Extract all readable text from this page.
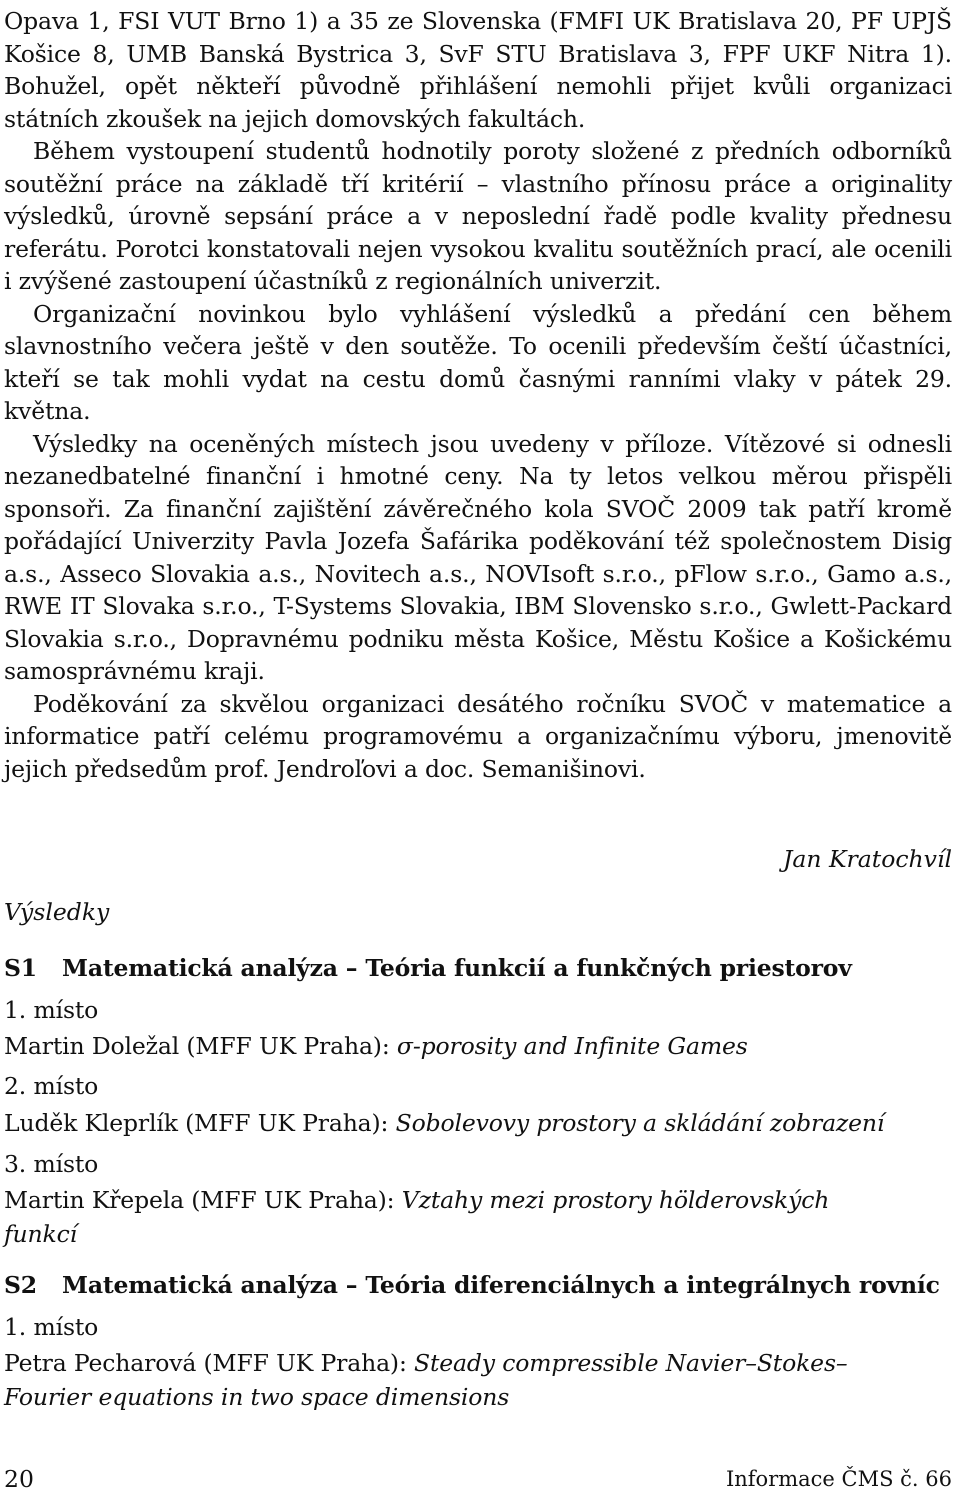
Opava 1, FSI VUT Brno 1) a 35 ze Slovenska (FMFI UK Bratislava 20, PF UPJŠ Košice 8, UMB Banská Bystrica 3, SvF STU Bratislava 3, FPF UKF Nitra 1). Bohužel, opět někteří původně přihlášení nemohli přijet kvůli organizaci státních zkoušek na jejich domovských fakultách.

Během vystoupení studentů hodnotily poroty složené z předních odborníků soutěžní práce na základě tří kritérií – vlastního přínosu práce a originality výsledků, úrovně sepsání práce a v neposlední řadě podle kvality přednesu referátu. Porotci konstatovali nejen vysokou kvalitu soutěžních prací, ale ocenili i zvýšené zastoupení účastníků z regionálních univerzit.

Organizační novinkou bylo vyhlášení výsledků a předání cen během slavnostního večera ještě v den soutěže. To ocenili především čeští účastníci, kteří se tak mohli vydat na cestu domů časnými ranními vlaky v pátek 29. května.

Výsledky na oceněných místech jsou uvedeny v příloze. Vítězové si odnesli nezanedbatelné finanční i hmotné ceny. Na ty letos velkou měrou přispěli sponsoři. Za finanční zajištění závěrečného kola SVOČ 2009 tak patří kromě pořádající Univerzity Pavla Jozefa Šafárika poděkování též společnostem Disig a.s., Asseco Slovakia a.s., Novitech a.s., NOVIsoft s.r.o., pFlow s.r.o., Gamo a.s., RWE IT Slovaka s.r.o., T-Systems Slovakia, IBM Slovensko s.r.o., Gwlett-Packard Slovakia s.r.o., Dopravnému podniku města Košice, Městu Košice a Košickému samosprávnému kraji.

Poděkování za skvělou organizaci desátého ročníku SVOČ v matematice a informatice patří celému programovému a organizačnímu výboru, jmenovitě jejich předsedům prof. Jendroľovi a doc. Semanišinovi.

Jan Kratochvíl
Výsledky
S1 Matematická analýza – Teória funkcií a funkčných priestorov
1. místo
Martin Doležal (MFF UK Praha): σ-porosity and Infinite Games
2. místo
Luděk Kleprlík (MFF UK Praha): Sobolevovy prostory a skládání zobrazení
3. místo
Martin Křepela (MFF UK Praha): Vztahy mezi prostory hölderovských
funkcí
S2 Matematická analýza – Teória diferenciálnych a integrálnych rovníc
1. místo
Petra Pecharová (MFF UK Praha): Steady compressible Navier–Stokes–
Fourier equations in two space dimensions
20	Informace ČMS č. 66
